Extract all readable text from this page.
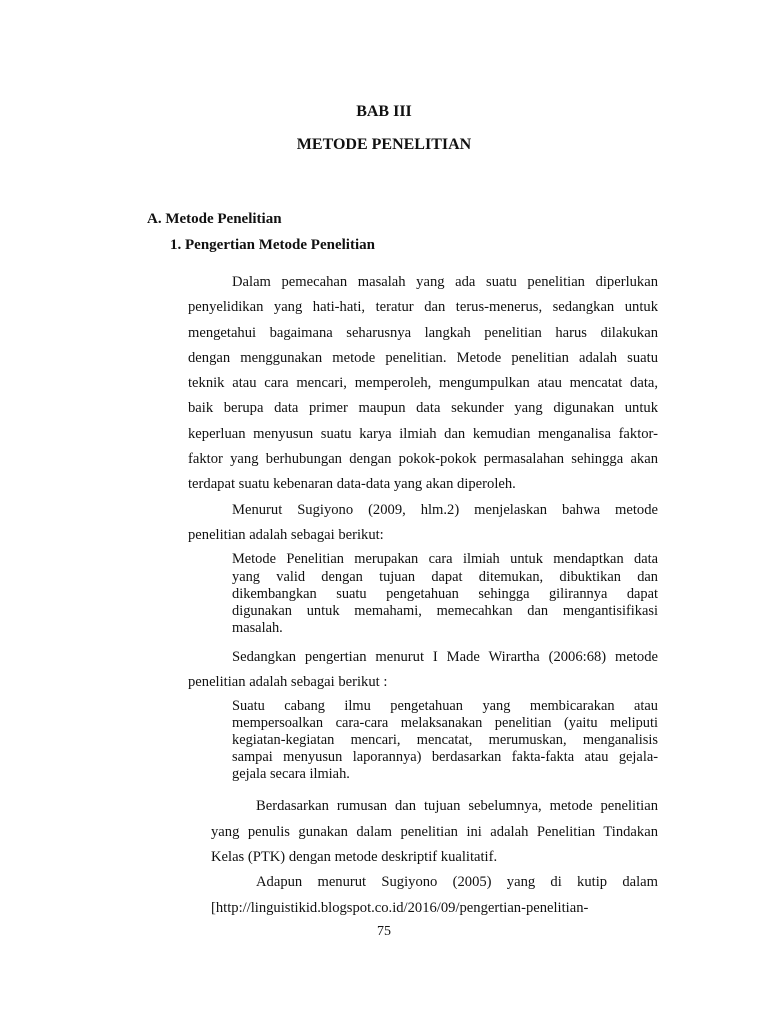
BAB III
METODE PENELITIAN
A. Metode Penelitian
1. Pengertian Metode Penelitian
Dalam pemecahan masalah yang ada suatu penelitian diperlukan
penyelidikan yang hati-hati, teratur dan terus-menerus, sedangkan untuk
mengetahui bagaimana seharusnya langkah penelitian harus dilakukan
dengan menggunakan metode penelitian. Metode penelitian adalah suatu
teknik atau cara mencari, memperoleh, mengumpulkan atau mencatat data,
baik berupa data primer maupun data sekunder yang digunakan untuk
keperluan menyusun suatu karya ilmiah dan kemudian menganalisa faktor-
faktor yang berhubungan dengan pokok-pokok permasalahan sehingga akan
terdapat suatu kebenaran data-data yang akan diperoleh.
Menurut Sugiyono (2009, hlm.2) menjelaskan bahwa metode
penelitian adalah sebagai berikut:
Metode Penelitian merupakan cara ilmiah untuk mendaptkan data
yang valid dengan tujuan dapat ditemukan, dibuktikan dan
dikembangkan suatu pengetahuan sehingga gilirannya dapat
digunakan untuk memahami, memecahkan dan mengantisifikasi
masalah.
Sedangkan pengertian menurut I Made Wirartha (2006:68) metode
penelitian adalah sebagai berikut :
Suatu cabang ilmu pengetahuan yang membicarakan atau
mempersoalkan cara-cara melaksanakan penelitian (yaitu meliputi
kegiatan-kegiatan mencari, mencatat, merumuskan, menganalisis
sampai menyusun laporannya) berdasarkan fakta-fakta atau gejala-
gejala secara ilmiah.
Berdasarkan rumusan dan tujuan sebelumnya, metode penelitian
yang penulis gunakan dalam penelitian ini adalah Penelitian Tindakan
Kelas (PTK) dengan metode deskriptif kualitatif.
Adapun menurut Sugiyono (2005) yang di kutip dalam
[http://linguistikid.blogspot.co.id/2016/09/pengertian-penelitian-
75
